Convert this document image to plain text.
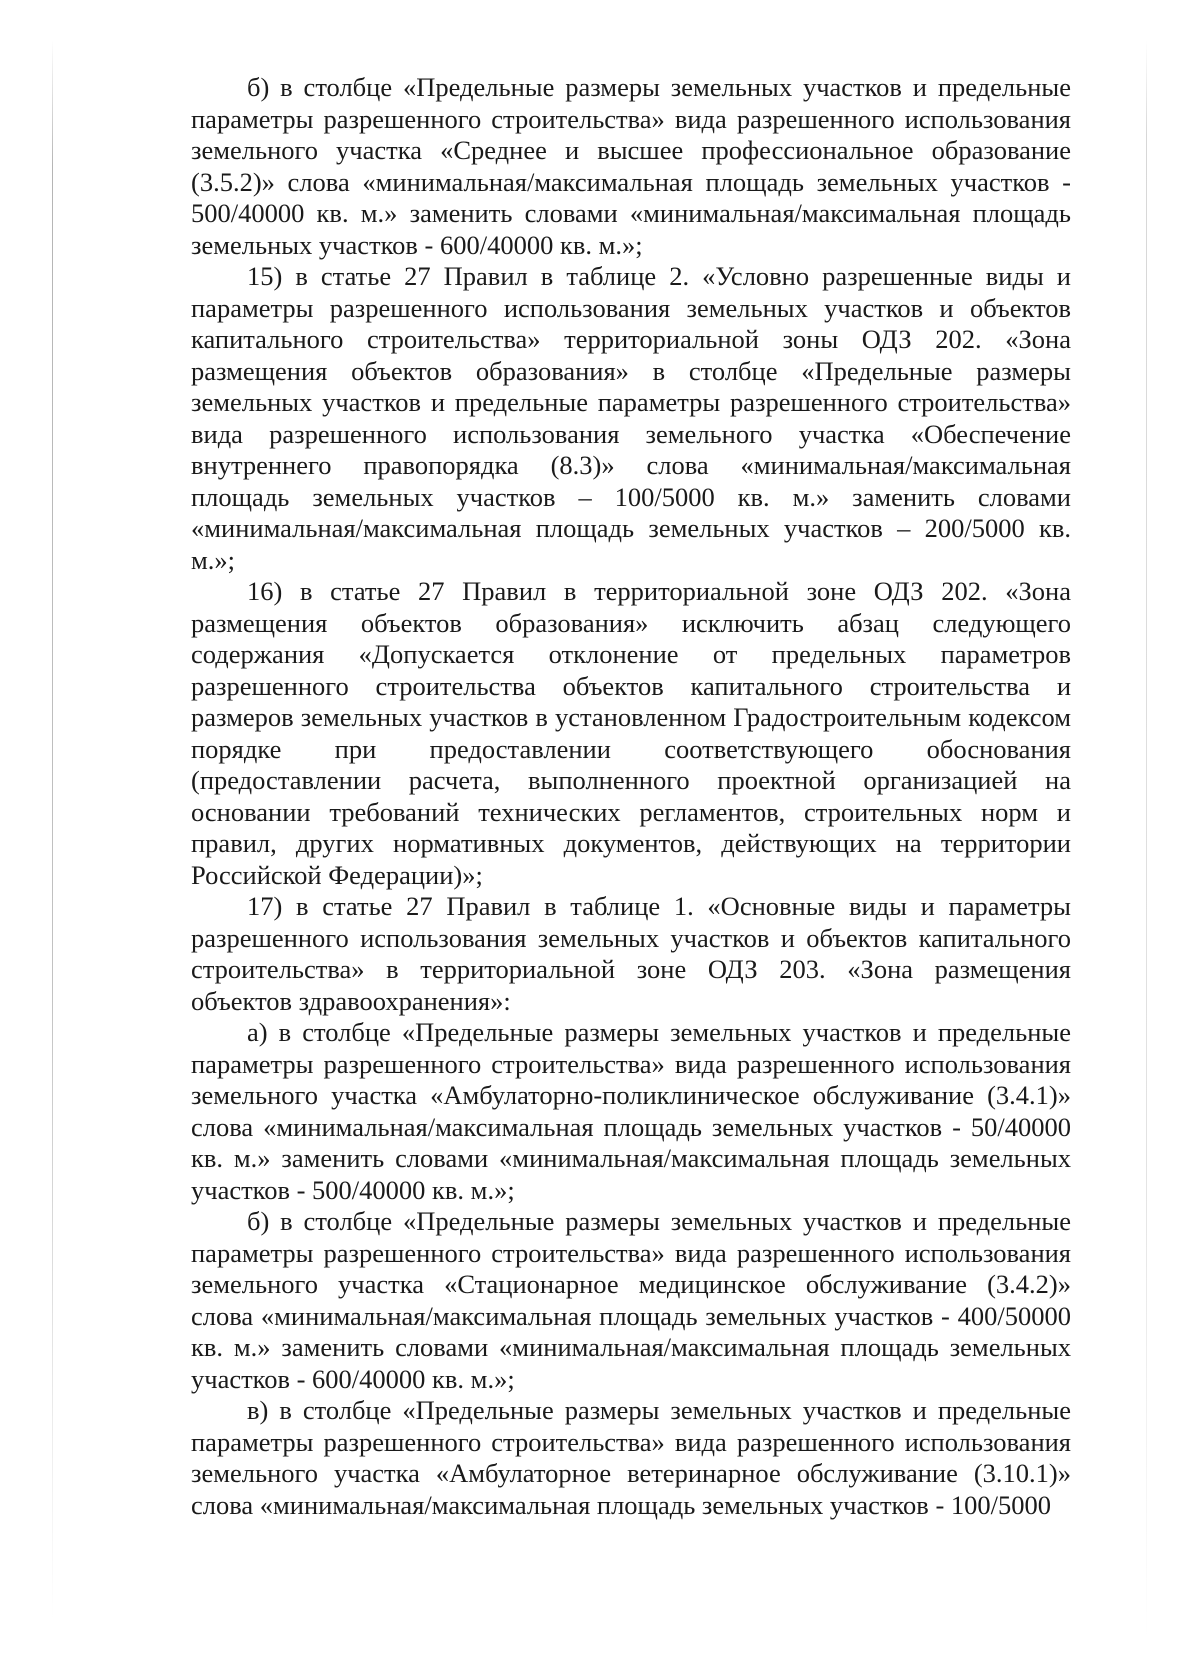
б) в столбце «Предельные размеры земельных участков и предельные параметры разрешенного строительства» вида разрешенного использования земельного участка «Среднее и высшее профессиональное образование (3.5.2)» слова «минимальная/максимальная площадь земельных участков - 500/40000 кв. м.» заменить словами «минимальная/максимальная площадь земельных участков - 600/40000 кв. м.»;

15) в статье 27 Правил в таблице 2. «Условно разрешенные виды и параметры разрешенного использования земельных участков и объектов капитального строительства» территориальной зоны ОДЗ 202. «Зона размещения объектов образования» в столбце «Предельные размеры земельных участков и предельные параметры разрешенного строительства» вида разрешенного использования земельного участка «Обеспечение внутреннего правопорядка (8.3)» слова «минимальная/максимальная площадь земельных участков – 100/5000 кв. м.» заменить словами «минимальная/максимальная площадь земельных участков – 200/5000 кв. м.»;

16) в статье 27 Правил в территориальной зоне ОДЗ 202. «Зона размещения объектов образования» исключить абзац следующего содержания «Допускается отклонение от предельных параметров разрешенного строительства объектов капитального строительства и размеров земельных участков в установленном Градостроительным кодексом порядке при предоставлении соответствующего обоснования (предоставлении расчета, выполненного проектной организацией на основании требований технических регламентов, строительных норм и правил, других нормативных документов, действующих на территории Российской Федерации)»;

17) в статье 27 Правил в таблице 1. «Основные виды и параметры разрешенного использования земельных участков и объектов капитального строительства» в территориальной зоне ОДЗ 203. «Зона размещения объектов здравоохранения»:

а) в столбце «Предельные размеры земельных участков и предельные параметры разрешенного строительства» вида разрешенного использования земельного участка «Амбулаторно-поликлиническое обслуживание (3.4.1)» слова «минимальная/максимальная площадь земельных участков - 50/40000 кв. м.» заменить словами «минимальная/максимальная площадь земельных участков - 500/40000 кв. м.»;

б) в столбце «Предельные размеры земельных участков и предельные параметры разрешенного строительства» вида разрешенного использования земельного участка «Стационарное медицинское обслуживание (3.4.2)» слова «минимальная/максимальная площадь земельных участков - 400/50000 кв. м.» заменить словами «минимальная/максимальная площадь земельных участков - 600/40000 кв. м.»;

в) в столбце «Предельные размеры земельных участков и предельные параметры разрешенного строительства» вида разрешенного использования земельного участка «Амбулаторное ветеринарное обслуживание (3.10.1)» слова «минимальная/максимальная площадь земельных участков - 100/5000
